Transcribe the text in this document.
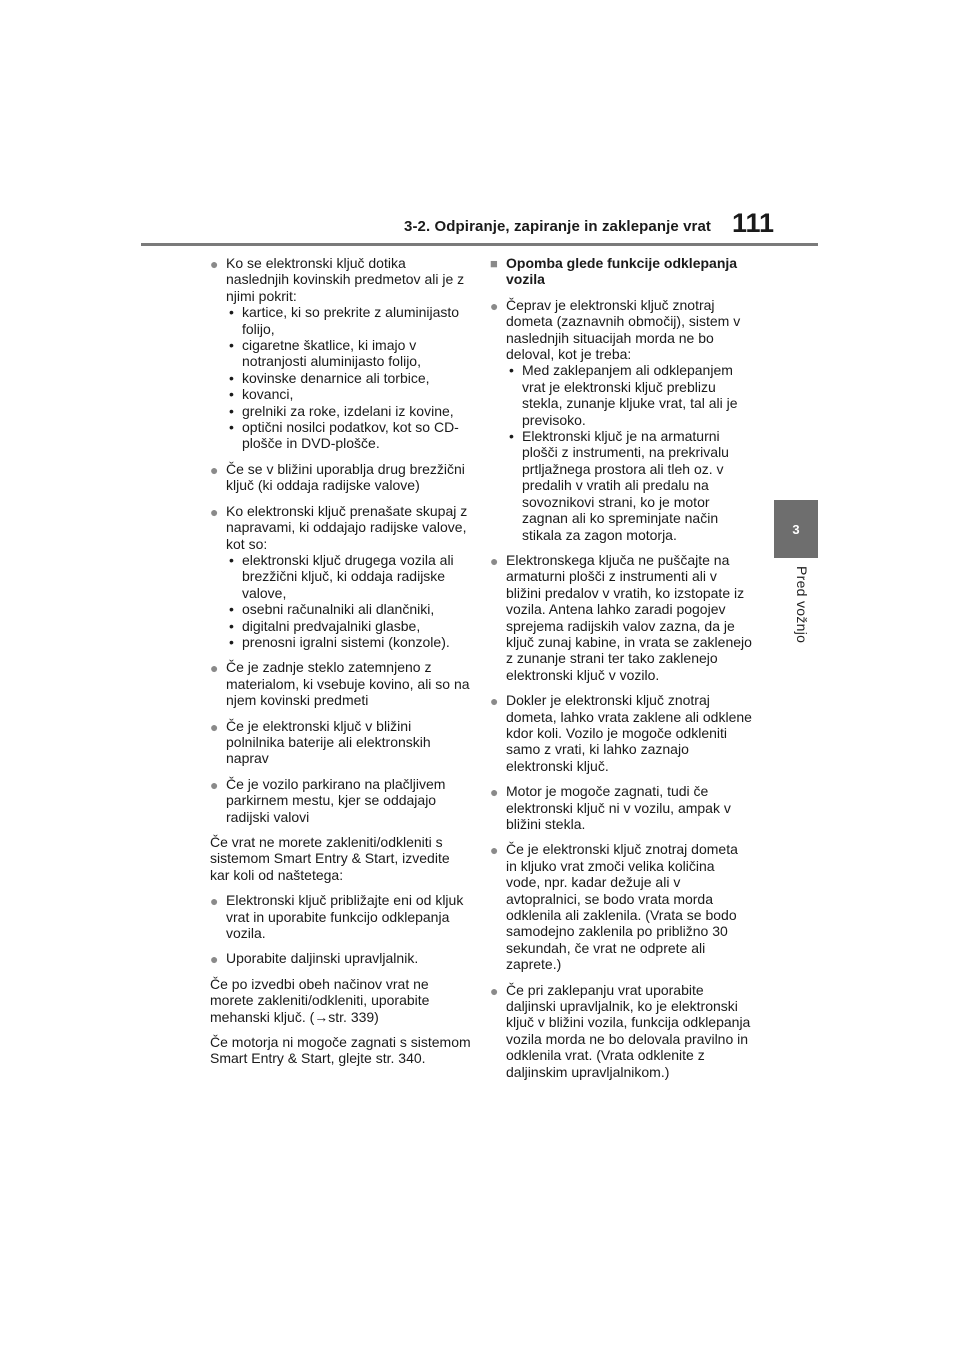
3-2. Odpiranje, zapiranje in zaklepanje vrat 111
3
Pred vožnjo
● Ko se elektronski ključ dotika naslednjih kovinskih predmetov ali je z njimi pokrit:
• kartice, ki so prekrite z aluminijasto folijo,
• cigaretne škatlice, ki imajo v notranjosti aluminijasto folijo,
• kovinske denarnice ali torbice,
• kovanci,
• grelniki za roke, izdelani iz kovine,
• optični nosilci podatkov, kot so CD-plošče in DVD-plošče.
● Če se v bližini uporablja drug brezžični ključ (ki oddaja radijske valove)
● Ko elektronski ključ prenašate skupaj z napravami, ki oddajajo radijske valove, kot so:
• elektronski ključ drugega vozila ali brezžični ključ, ki oddaja radijske valove,
• osebni računalniki ali dlančniki,
• digitalni predvajalniki glasbe,
• prenosni igralni sistemi (konzole).
● Če je zadnje steklo zatemnjeno z materialom, ki vsebuje kovino, ali so na njem kovinski predmeti
● Če je elektronski ključ v bližini polnilnika baterije ali elektronskih naprav
● Če je vozilo parkirano na plačljivem parkirnem mestu, kjer se oddajajo radijski valovi
Če vrat ne morete zakleniti/odkleniti s sistemom Smart Entry & Start, izvedite kar koli od naštetega:
● Elektronski ključ približajte eni od kljuk vrat in uporabite funkcijo odklepanja vozila.
● Uporabite daljinski upravljalnik.
Če po izvedbi obeh načinov vrat ne morete zakleniti/odkleniti, uporabite mehanski ključ. (→str. 339)
Če motorja ni mogoče zagnati s sistemom Smart Entry & Start, glejte str. 340.
■ Opomba glede funkcije odklepanja vozila
● Čeprav je elektronski ključ znotraj dometa (zaznavnih območij), sistem v naslednjih situacijah morda ne bo deloval, kot je treba:
• Med zaklepanjem ali odklepanjem vrat je elektronski ključ preblizu stekla, zunanje kljuke vrat, tal ali je previsoko.
• Elektronski ključ je na armaturni plošči z instrumenti, na prekrivalu prtljažnega prostora ali tleh oz. v predalih v vratih ali predalu na sovoznikovi strani, ko je motor zagnan ali ko spreminjate način stikala za zagon motorja.
● Elektronskega ključa ne puščajte na armaturni plošči z instrumenti ali v bližini predalov v vratih, ko izstopate iz vozila. Antena lahko zaradi pogojev sprejema radijskih valov zazna, da je ključ zunaj kabine, in vrata se zaklenejo z zunanje strani ter tako zaklenejo elektronski ključ v vozilo.
● Dokler je elektronski ključ znotraj dometa, lahko vrata zaklene ali odklene kdor koli. Vozilo je mogoče odkleniti samo z vrati, ki lahko zaznajo elektronski ključ.
● Motor je mogoče zagnati, tudi če elektronski ključ ni v vozilu, ampak v bližini stekla.
● Če je elektronski ključ znotraj dometa in kljuko vrat zmoči velika količina vode, npr. kadar dežuje ali v avtopralnici, se bodo vrata morda odklenila ali zaklenila. (Vrata se bodo samodejno zaklenila po približno 30 sekundah, če vrat ne odprete ali zaprete.)
● Če pri zaklepanju vrat uporabite daljinski upravljalnik, ko je elektronski ključ v bližini vozila, funkcija odklepanja vozila morda ne bo delovala pravilno in odklenila vrat. (Vrata odklenite z daljinskim upravljalnikom.)
